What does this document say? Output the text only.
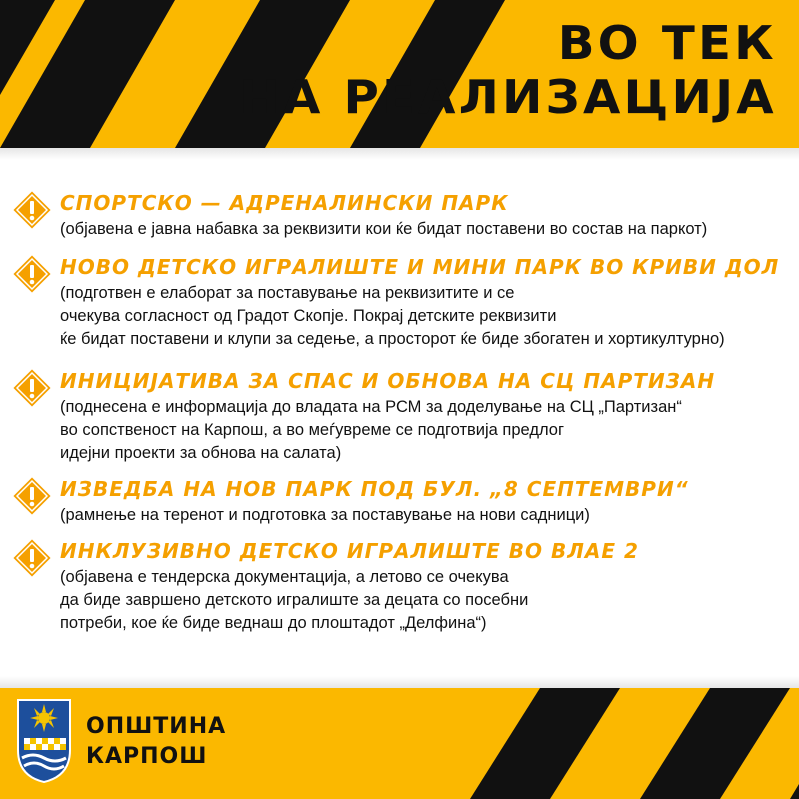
ВО ТЕК
НА РЕАЛИЗАЦИЈА
СПОРТСКО — АДРЕНАЛИНСКИ ПАРК
(објавена е јавна набавка за реквизити кои ќе бидат поставени во состав на паркот)
НОВО ДЕТСКО ИГРАЛИШТЕ И МИНИ ПАРК ВО КРИВИ ДОЛ
(подготвен е елаборат за поставување на реквизитите и се
очекува согласност од Градот Скопје. Покрај детските реквизити
ќе бидат поставени и клупи за седење, а просторот ќе биде збогатен и хортикултурно)
ИНИЦИЈАТИВА ЗА СПАС И ОБНОВА НА СЦ ПАРТИЗАН
(поднесена е информација до владата на РСМ за доделување на СЦ „Партизан“
во сопственост на Карпош, а во меѓувреме се подготвија предлог
идејни проекти за обнова на салата)
ИЗВЕДБА НА НОВ ПАРК ПОД БУЛ. „8 СЕПТЕМВРИ“
(рамнење на теренот и подготовка за поставување на нови садници)
ИНКЛУЗИВНО ДЕТСКО ИГРАЛИШТЕ ВО ВЛАЕ 2
(објавена е тендерска документација, а летово се очекува
да биде завршено детското игралиште за децата со посебни
потреби, кое ќе биде веднаш до плоштадот „Делфина“)
ОПШТИНА
КАРПОШ
